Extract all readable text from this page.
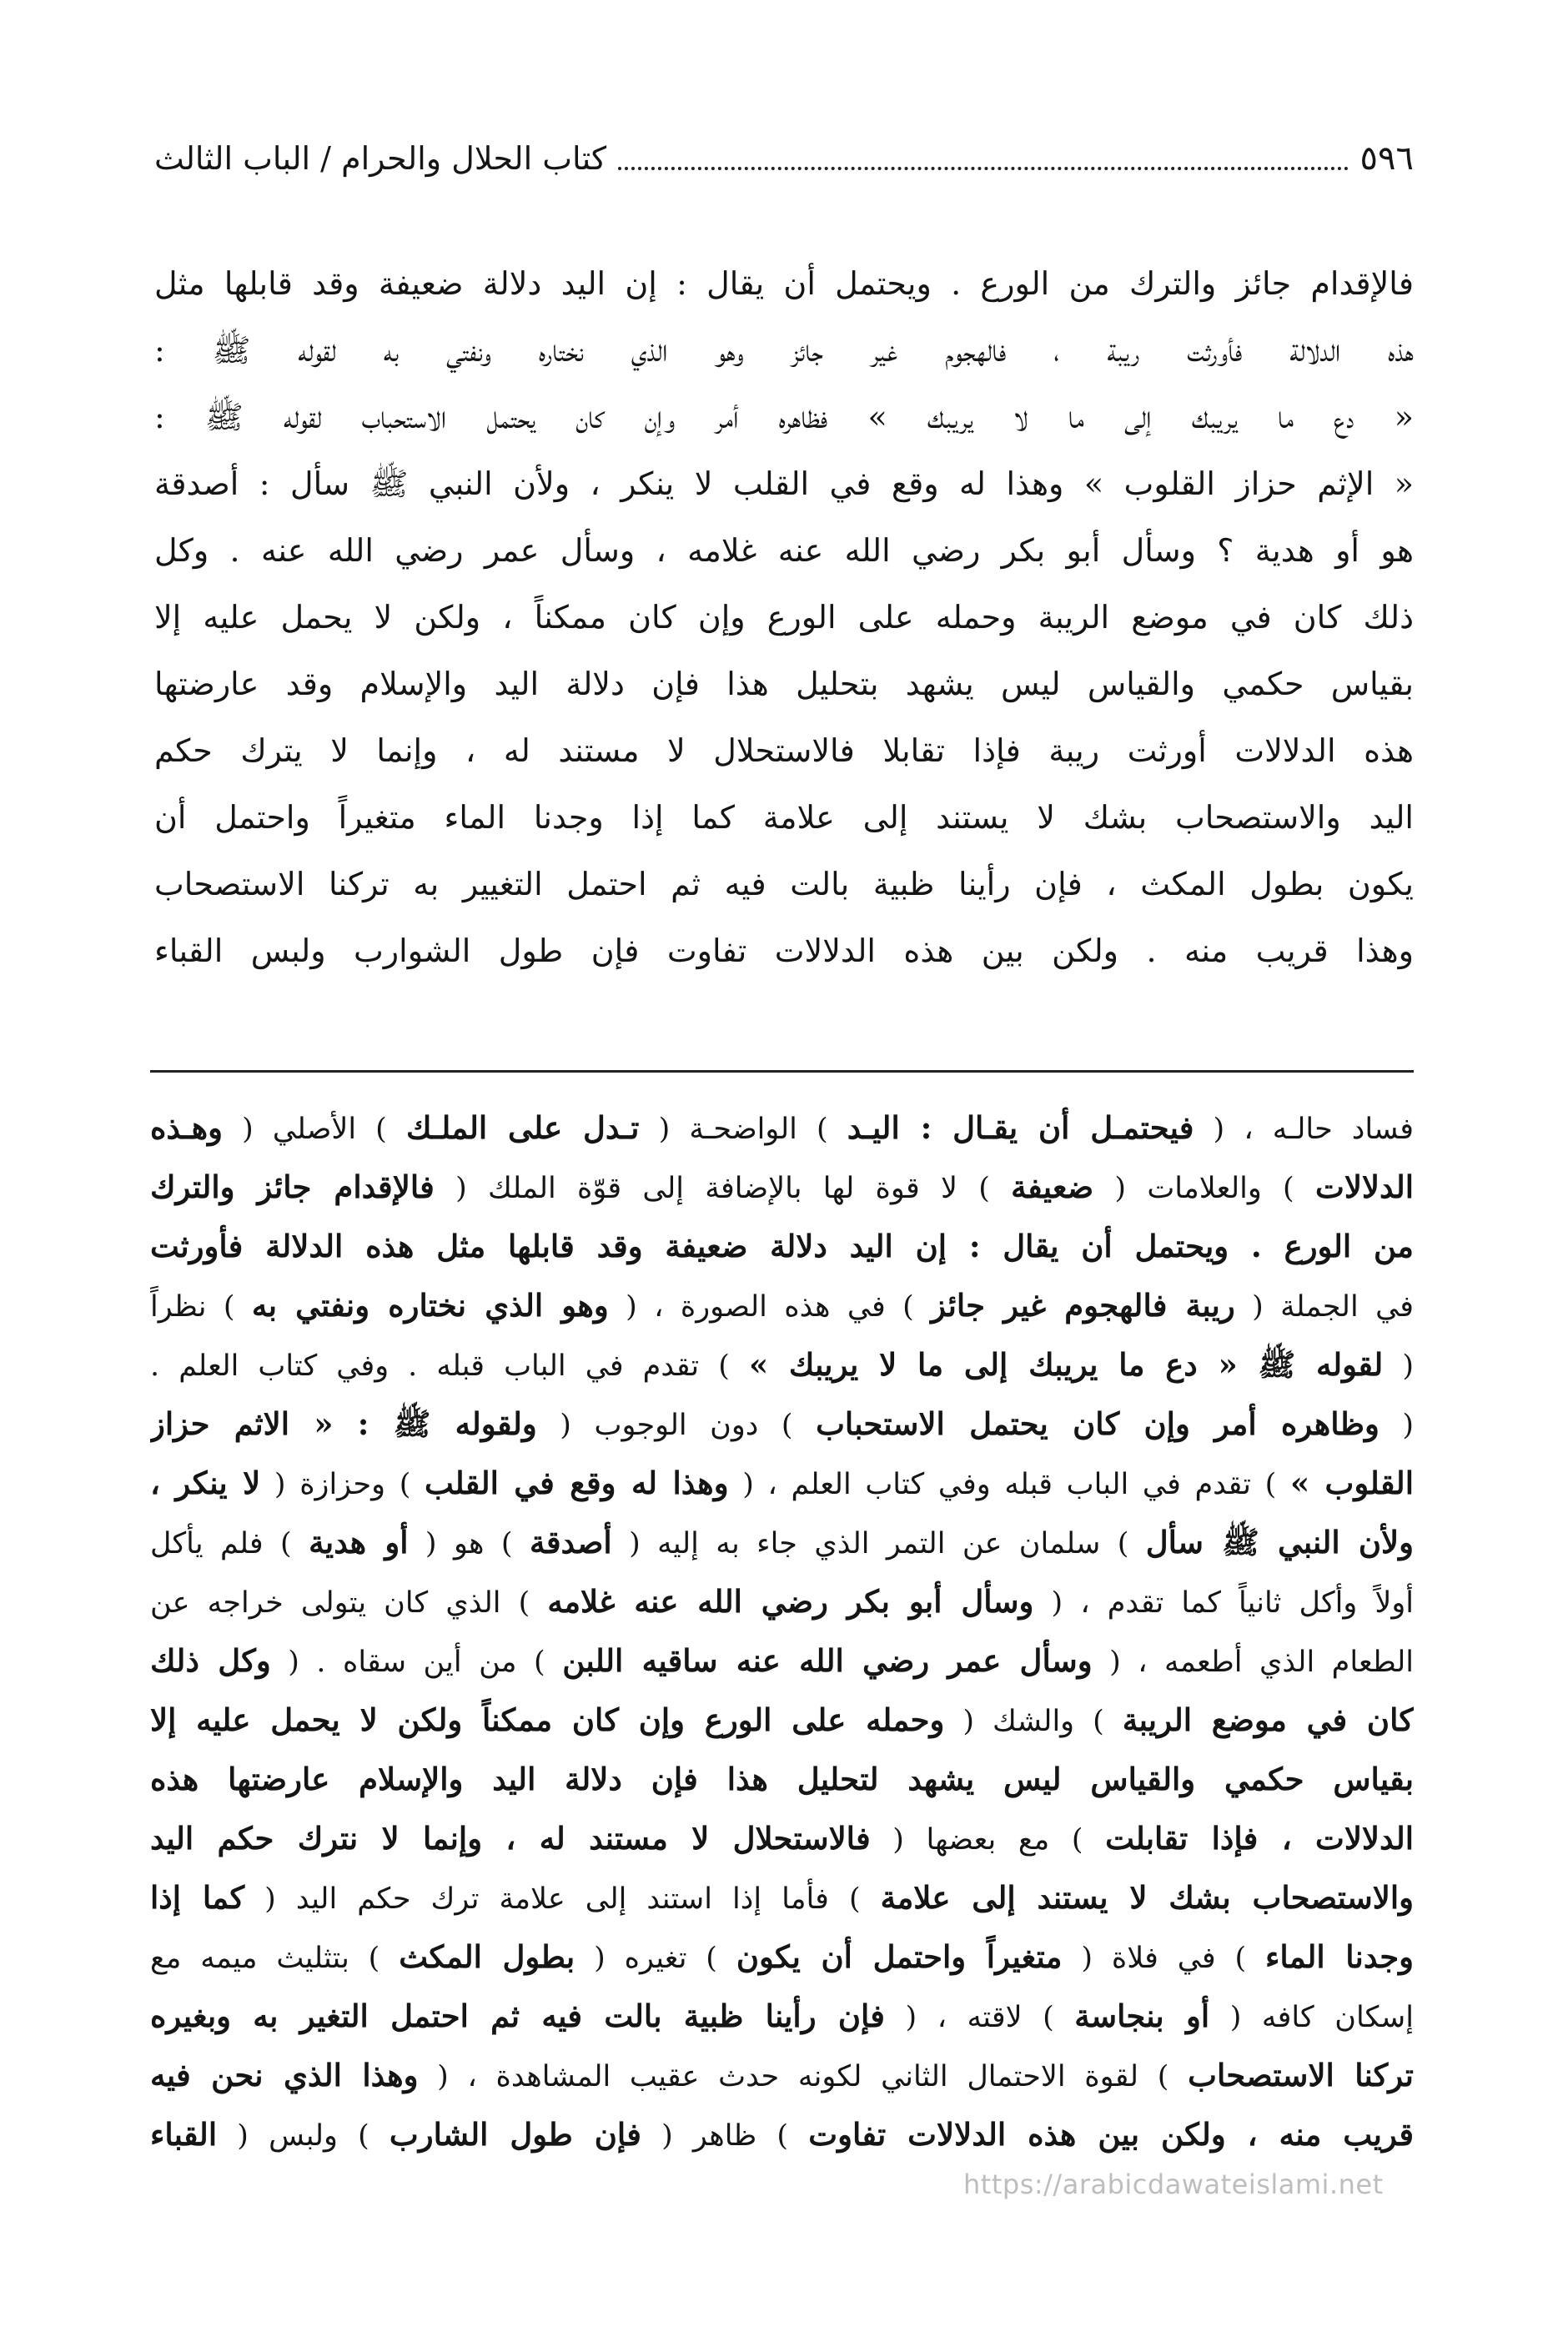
٥٩٦
كتاب الحلال والحرام / الباب الثالث
فالإقدام جائز والترك من الورع . ويحتمل أن يقال : إن اليد دلالة ضعيفة وقد قابلها مثل
هذه الدلالة فأورثت ريبة ، فالهجوم غير جائز وهو الذي نختاره ونفتي به لقوله ﷺ :
« دع ما يريبك إلى ما لا يريبك » فظاهره أمر وإن كان يحتمل الاستحباب لقوله ﷺ :
« الإثم حزاز القلوب » وهذا له وقع في القلب لا ينكر ، ولأن النبي ﷺ سأل : أصدقة
هو أو هدية ؟ وسأل أبو بكر رضي الله عنه غلامه ، وسأل عمر رضي الله عنه . وكل
ذلك كان في موضع الريبة وحمله على الورع وإن كان ممكناً ، ولكن لا يحمل عليه إلا
بقياس حكمي والقياس ليس يشهد بتحليل هذا فإن دلالة اليد والإسلام وقد عارضتها
هذه الدلالات أورثت ريبة فإذا تقابلا فالاستحلال لا مستند له ، وإنما لا يترك حكم
اليد والاستصحاب بشك لا يستند إلى علامة كما إذا وجدنا الماء متغيراً واحتمل أن
يكون بطول المكث ، فإن رأينا ظبية بالت فيه ثم احتمل التغيير به تركنا الاستصحاب
وهذا قريب منه . ولكن بين هذه الدلالات تفاوت فإن طول الشوارب ولبس القباء
فساد حالـه ، ( فيحتمـل أن يقـال : اليـد ) الواضحـة ( تـدل على الملـك ) الأصلي ( وهـذه
الدلالات ) والعلامات ( ضعيفة ) لا قوة لها بالإضافة إلى قوّة الملك ( فالإقدام جائز والترك
من الورع . ويحتمل أن يقال : إن اليد دلالة ضعيفة وقد قابلها مثل هذه الدلالة فأورثت
في الجملة ( ريبة فالهجوم غير جائز ) في هذه الصورة ، ( وهو الذي نختاره ونفتي به ) نظراً
( لقوله ﷺ « دع ما يريبك إلى ما لا يريبك » ) تقدم في الباب قبله . وفي كتاب العلم .
( وظاهره أمر وإن كان يحتمل الاستحباب ) دون الوجوب ( ولقوله ﷺ : « الاثم حزاز
القلوب » ) تقدم في الباب قبله وفي كتاب العلم ، ( وهذا له وقع في القلب ) وحزازة ( لا ينكر ،
ولأن النبي ﷺ سأل ) سلمان عن التمر الذي جاء به إليه ( أصدقة ) هو ( أو هدية ) فلم يأكل
أولاً وأكل ثانياً كما تقدم ، ( وسأل أبو بكر رضي الله عنه غلامه ) الذي كان يتولى خراجه عن
الطعام الذي أطعمه ، ( وسأل عمر رضي الله عنه ساقيه اللبن ) من أين سقاه . ( وكل ذلك
كان في موضع الريبة ) والشك ( وحمله على الورع وإن كان ممكناً ولكن لا يحمل عليه إلا
بقياس حكمي والقياس ليس يشهد لتحليل هذا فإن دلالة اليد والإسلام عارضتها هذه
الدلالات ، فإذا تقابلت ) مع بعضها ( فالاستحلال لا مستند له ، وإنما لا نترك حكم اليد
والاستصحاب بشك لا يستند إلى علامة ) فأما إذا استند إلى علامة ترك حكم اليد ( كما إذا
وجدنا الماء ) في فلاة ( متغيراً واحتمل أن يكون ) تغيره ( بطول المكث ) بتثليث ميمه مع
إسكان كافه ( أو بنجاسة ) لاقته ، ( فإن رأينا ظبية بالت فيه ثم احتمل التغير به وبغيره
تركنا الاستصحاب ) لقوة الاحتمال الثاني لكونه حدث عقيب المشاهدة ، ( وهذا الذي نحن فيه
قريب منه ، ولكن بين هذه الدلالات تفاوت ) ظاهر ( فإن طول الشارب ) ولبس ( القباء
https://arabicdawateislami.net
